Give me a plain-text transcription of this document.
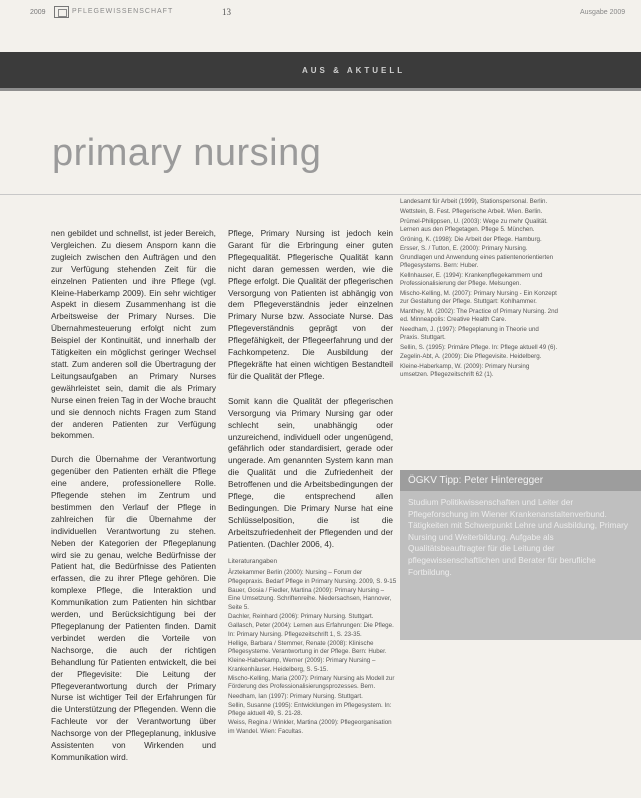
2009	PFLEGEWISSENSCHAFT	13	Ausgabe 2009
AUS & AKTUELL
primary nursing

nen gebildet und schnellst, ist jeder Bereich, Vergleichen. Zu diesem Ansporn kann die zugleich zwischen den Aufträgen und den zur Verfügung stehenden Zeit für die einzelnen Patienten und ihre Pflege (vgl. Kleine-Haberkamp 2009). Ein sehr wichtiger Aspekt in diesem Zusammenhang ist die Arbeitsweise der Primary Nurses. Die Übernahmesteuerung erfolgt nicht zum Beispiel der Kontinuität, und innerhalb der Tätigkeiten ein möglichst geringer Wechsel statt. Zum anderen soll die Übertragung der Leitungsaufgaben an Primary Nurses gewährleistet sein, damit die als Primary Nurse einen freien Tag in der Woche braucht und sie dennoch nichts Fragen zum Stand der anderen Patienten zur Verfügung bekommen.

Durch die Übernahme der Verantwortung gegenüber den Patienten erhält die Pflege eine andere, professionellere Rolle. Pflegende stehen im Zentrum und bestimmen den Verlauf der Pflege in zahlreichen für die Übernahme der individuellen Verantwortung zu stehen. Neben der Kategorien der Pflegeplanung wird sie zu genau, welche Bedürfnisse der Patient hat, die Bedürfnisse des Patienten erfassen, die zu ihrer Pflege gehören. Die komplexe Pflege, die Interaktion und Kommunikation zum Patienten hin sichtbar werden, und Berücksichtigung bei der Pflegeplanung der Patienten finden. Damit verbindet werden die Vorteile von Nachsorge, die auch der richtigen Behandlung für Patienten entwickelt, die bei der Pflegevisite: Die Leitung der Pflegeverantwortung durch der Primary Nurse ist wichtiger Teil der Erfahrungen für die Unterstützung der Pflegenden. Wenn die Fachleute vor der Verantwortung über Nachsorge von der Pflegeplanung, inklusive Assistenten von Wirkenden und Kommunikation wird.

Pflege, Primary Nursing ist jedoch kein Garant für die Erbringung einer guten Pflegequalität. Pflegerische Qualität kann nicht daran gemessen werden, wie die Pflege erfolgt. Die Qualität der pflegerischen Versorgung von Patienten ist abhängig von dem Pflegeverständnis jeder einzelnen Primary Nurse bzw. Associate Nurse. Das Pflegeverständnis geprägt von der Pflegefähigkeit, der Pflegeerfahrung und der Fachkompetenz. Die Ausbildung der Pflegekräfte hat einen wichtigen Bestandteil für die Qualität der Pflege.

Somit kann die Qualität der pflegerischen Versorgung via Primary Nursing gar oder schlecht sein, unabhängig oder unzureichend, individuell oder ungenügend, gefährlich oder standardisiert, gerade oder ungerade. Am genannten System kann man die Qualität und die Zufriedenheit der Betroffenen und die Arbeitsbedingungen der Pflege, die entsprechend allen Bedingungen. Die Primary Nurse hat eine Schlüsselposition, die ist die Arbeitszufriedenheit der Pflegenden und der Patienten. (Dachler 2006, 4).

Landesamt für Arbeit (1999), Stationspersonal. Berlin.

Wettstein, B. Fest. Pflegerische Arbeit. Wien. Berlin.

Prümel-Philippsen, U. (2003): Wege zu mehr Qualität. Lernen aus den Pflegetagen. Pflege 5. München.

Gröning, K. (1998): Die Arbeit der Pflege. Hamburg.

Ersser, S. / Tutton, E. (2000): Primary Nursing. Grundlagen und Anwendung eines patientenorientierten Pflegesystems. Bern: Huber.

Kellnhauser, E. (1994): Krankenpflegekammern und Professionalisierung der Pflege. Melsungen.

Mischo-Kelling, M. (2007): Primary Nursing - Ein Konzept zur Gestaltung der Pflege. Stuttgart: Kohlhammer.

Manthey, M. (2002): The Practice of Primary Nursing. 2nd ed. Minneapolis: Creative Health Care.

Needham, J. (1997): Pflegeplanung in Theorie und Praxis. Stuttgart.

Sellin, S. (1995): Primäre Pflege. In: Pflege aktuell 49 (6).

Zegelin-Abt, A. (2009): Die Pflegevisite. Heidelberg.

Kleine-Haberkamp, W. (2009): Primary Nursing umsetzen. Pflegezeitschrift 62 (1).

Literaturangaben

Ärztekammer Berlin (2000): Nursing – Forum der Pflegepraxis. Bedarf Pflege in Primary Nursing. 2009, S. 9-15

Bauer, Gosia / Fiedler, Martina (2009): Primary Nursing – Eine Umsetzung. Schriftenreihe. Niedersachsen, Hannover, Seite 5.

Dachler, Reinhard (2006): Primary Nursing. Stuttgart.

Gallasch, Peter (2004): Lernen aus Erfahrungen: Die Pflege. In: Primary Nursing. Pflegezeitschrift 1, S. 23-35.

Hellige, Barbara / Stemmer, Renate (2008): Klinische Pflegesysteme. Verantwortung in der Pflege. Bern: Huber.

Kleine-Haberkamp, Werner (2009): Primary Nursing – Krankenhäuser. Heidelberg, S. 5-15.

Mischo-Kelling, Maria (2007): Primary Nursing als Modell zur Förderung des Professionalisierungsprozesses. Bern.

Needham, Ian (1997): Primary Nursing. Stuttgart.

Sellin, Susanne (1995): Entwicklungen im Pflegesystem. In: Pflege aktuell 49, S. 21-28.

Weiss, Regina / Winkler, Martina (2009): Pflegeorganisation im Wandel. Wien: Facultas.

ÖGKV Tipp: Peter Hinteregger
Studium Politikwissenschaften und Leiter der Pflegeforschung im Wiener Krankenanstaltenverbund. Tätigkeiten mit Schwerpunkt Lehre und Ausbildung, Primary Nursing und Weiterbildung. Aufgabe als Qualitätsbeauftragter für die Leitung der pflegewissenschaftlichen und Berater für berufliche Fortbildung.
